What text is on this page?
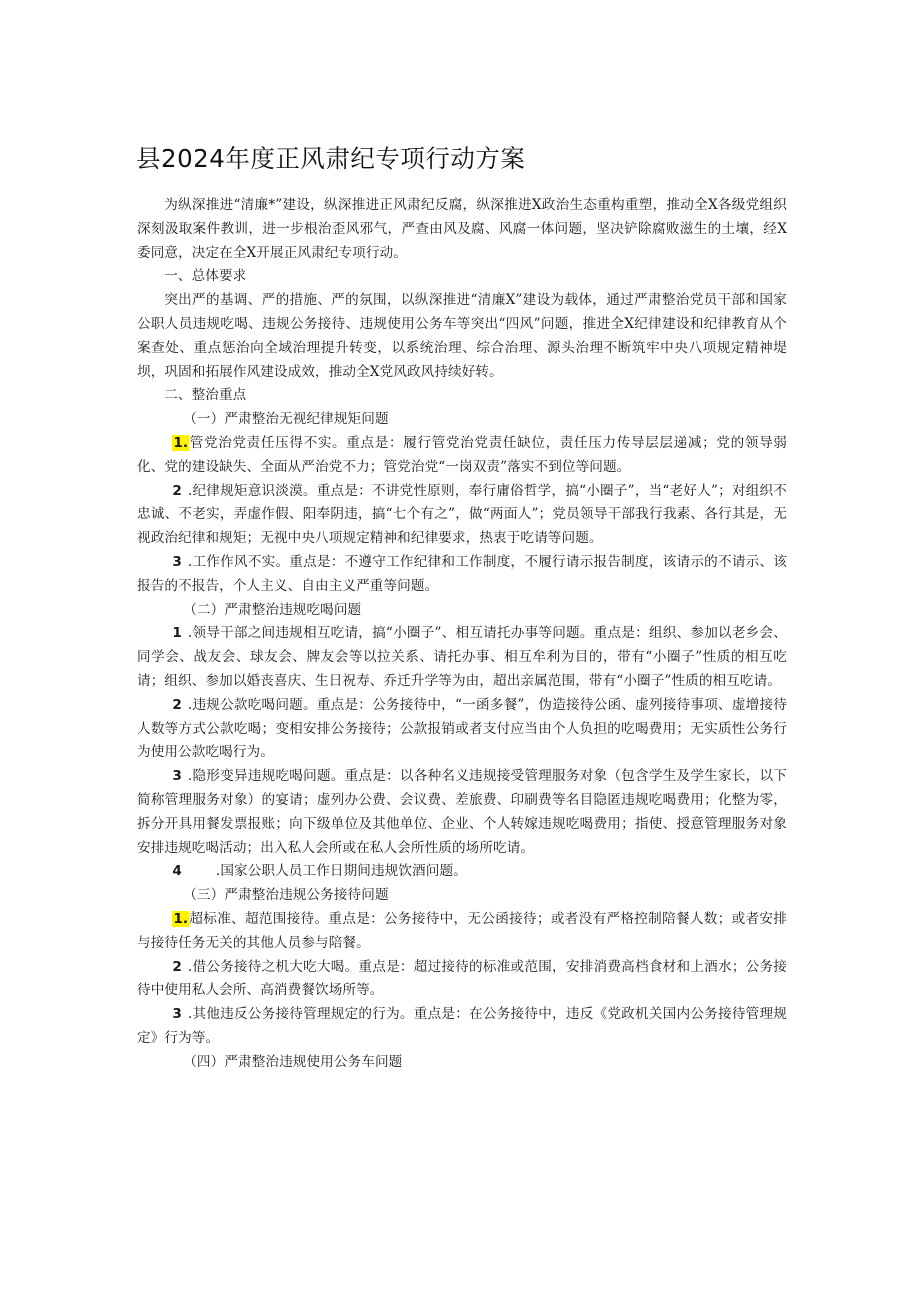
县2024年度正风肃纪专项行动方案

为纵深推进“清廉*”建设，纵深推进正风肃纪反腐，纵深推进X政治生态重构重塑，推动全X各级党组织深刻汲取案件教训，进一步根治歪风邪气，严查由风及腐、风腐一体问题，坚决铲除腐败滋生的土壤，经X委同意，决定在全X开展正风肃纪专项行动。

一、总体要求

突出严的基调、严的措施、严的氛围，以纵深推进“清廉X”建设为载体，通过严肃整治党员干部和国家公职人员违规吃喝、违规公务接待、违规使用公务车等突出“四风”问题，推进全X纪律建设和纪律教育从个案查处、重点惩治向全域治理提升转变，以系统治理、综合治理、源头治理不断筑牢中央八项规定精神堤坝，巩固和拓展作风建设成效，推动全X党风政风持续好转。

二、整治重点

（一）严肃整治无视纪律规矩问题

1.管党治党责任压得不实。重点是：履行管党治党责任缺位，责任压力传导层层递减；党的领导弱化、党的建设缺失、全面从严治党不力；管党治党“一岗双责”落实不到位等问题。

2 .纪律规矩意识淡漠。重点是：不讲党性原则，奉行庸俗哲学，搞“小圈子”，当“老好人”；对组织不忠诚、不老实，弄虚作假、阳奉阴违，搞“七个有之”，做“两面人”；党员领导干部我行我素、各行其是，无视政治纪律和规矩；无视中央八项规定精神和纪律要求，热衷于吃请等问题。

3 .工作作风不实。重点是：不遵守工作纪律和工作制度，不履行请示报告制度，该请示的不请示、该报告的不报告，个人主义、自由主义严重等问题。

（二）严肃整治违规吃喝问题

1 .领导干部之间违规相互吃请，搞“小圈子”、相互请托办事等问题。重点是：组织、参加以老乡会、同学会、战友会、球友会、牌友会等以拉关系、请托办事、相互牟利为目的，带有“小圈子”性质的相互吃请；组织、参加以婚丧喜庆、生日祝寿、乔迁升学等为由，超出亲属范围，带有“小圈子”性质的相互吃请。

2 .违规公款吃喝问题。重点是：公务接待中，“一函多餐”，伪造接待公函、虚列接待事项、虚增接待人数等方式公款吃喝；变相安排公务接待；公款报销或者支付应当由个人负担的吃喝费用；无实质性公务行为使用公款吃喝行为。

3 .隐形变异违规吃喝问题。重点是：以各种名义违规接受管理服务对象（包含学生及学生家长，以下简称管理服务对象）的宴请；虚列办公费、会议费、差旅费、印刷费等名目隐匿违规吃喝费用；化整为零，拆分开具用餐发票报账；向下级单位及其他单位、企业、个人转嫁违规吃喝费用；指使、授意管理服务对象安排违规吃喝活动；出入私人会所或在私人会所性质的场所吃请。

4	.国家公职人员工作日期间违规饮酒问题。

（三）严肃整治违规公务接待问题

1.超标准、超范围接待。重点是：公务接待中，无公函接待；或者没有严格控制陪餐人数；或者安排与接待任务无关的其他人员参与陪餐。

2 .借公务接待之机大吃大喝。重点是：超过接待的标准或范围，安排消费高档食材和上酒水；公务接待中使用私人会所、高消费餐饮场所等。

3 .其他违反公务接待管理规定的行为。重点是：在公务接待中，违反《党政机关国内公务接待管理规定》行为等。

（四）严肃整治违规使用公务车问题
